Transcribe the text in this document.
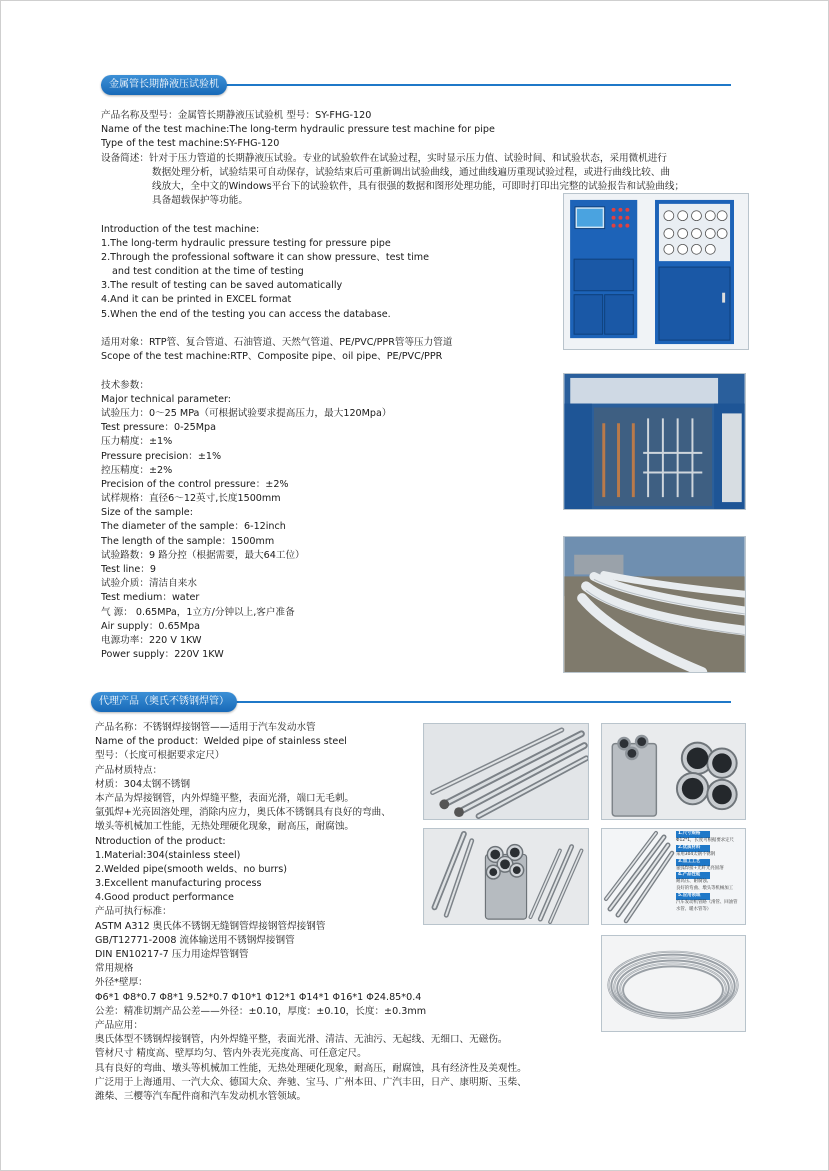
金属管长期静液压试验机
产品名称及型号：金属管长期静液压试验机 型号：SY-FHG-120
Name of the test machine:The long-term hydraulic pressure test machine for pipe
Type of the test machine:SY-FHG-120
设备简述：针对于压力管道的长期静液压试验。专业的试验软件在试验过程，实时显示压力值、试验时间、和试验状态，采用微机进行
数据处理分析，试验结果可自动保存，试验结束后可重新调出试验曲线，通过曲线遍历重现试验过程，或进行曲线比较、曲
线放大，全中文的Windows平台下的试验软件，具有很强的数据和图形处理功能，可即时打印出完整的试验报告和试验曲线；
具备超载保护等功能。
Introduction of the test machine:
1.The long-term hydraulic pressure testing for pressure pipe
2.Through the professional software it can show pressure、test time
and test condition at the time of testing
3.The result of testing can be saved automatically
4.And it can be printed in EXCEL format
5.When the end of the testing you can access the database.
适用对象：RTP管、复合管道、石油管道、天然气管道、PE/PVC/PPR管等压力管道
Scope of the test machine:RTP、Composite pipe、oil pipe、PE/PVC/PPR
技术参数：
Major technical parameter:
试验压力：0～25 MPa（可根据试验要求提高压力，最大120Mpa）
Test pressure：0-25Mpa
压力精度：±1%
Pressure precision：±1%
控压精度：±2%
Precision of the control pressure：±2%
试样规格：直径6～12英寸,长度1500mm
Size of the sample:
The diameter of the sample：6-12inch
The length of the sample：1500mm
试验路数：9 路分控（根据需要，最大64工位）
Test line：9
试验介质：清洁自来水
Test medium：water
气 源： 0.65MPa，1立方/分钟以上,客户准备
Air supply：0.65Mpa
电源功率：220 V 1KW
Power supply：220V 1KW
代理产品（奥氏不锈钢焊管）
产品名称：不锈钢焊接钢管——适用于汽车发动水管
Name of the product：Welded pipe of stainless steel
型号：（长度可根据要求定尺）
产品材质特点：
材质：304太钢不锈钢
本产品为焊接钢管，内外焊缝平整，表面光滑，端口无毛刺。
氩弧焊+光亮固溶处理，消除内应力，奥氏体不锈钢具有良好的弯曲、
墩头等机械加工性能，无热处理硬化现象，耐高压，耐腐蚀。
Ntroduction of the product:
1.Material:304(stainless steel)
2.Welded pipe(smooth welds、no burrs)
3.Excellent manufacturing process
4.Good product performance
产品可执行标准：
ASTM A312 奥氏体不锈钢无缝钢管焊接钢管焊接钢管
GB/T12771-2008 流体输送用不锈钢焊接钢管
DIN EN10217-7 压力用途焊管钢管
常用规格
外径*壁厚：
Φ6*1 Φ8*0.7 Φ8*1 9.52*0.7 Φ10*1 Φ12*1 Φ14*1 Φ16*1 Φ24.85*0.4
公差：精准切割产品公差——外径：±0.10，厚度：±0.10，长度：±0.3mm
产品应用：
奥氏体型不锈钢焊接钢管，内外焊缝平整，表面光滑、清洁、无油污、无起线、无细口、无磁伤。
管材尺寸 精度高、壁厚均匀、管内外表光亮度高、可任意定尺。
具有良好的弯曲、墩头等机械加工性能，无热处理硬化现象，耐高压，耐腐蚀，具有经济性及美观性。
广泛用于上海通用、一汽大众、德国大众、奔驰、宝马、广州本田、广汽丰田，日产、康明斯、玉柴、
潍柴、三樱等汽车配件商和汽车发动机水管领域。
1.尺寸规格
Φ12*1，长度可根据要求定尺
2.优质材料
采用304太钢不锈钢
3.加工工艺
氩弧焊接+光纤光亮固溶
4.产品性能
耐高压、耐腐蚀、
良好的弯曲、墩头等机械加工
5.应用领域
汽车发动机管路（滑管、回油管
水管、暖水管等）
